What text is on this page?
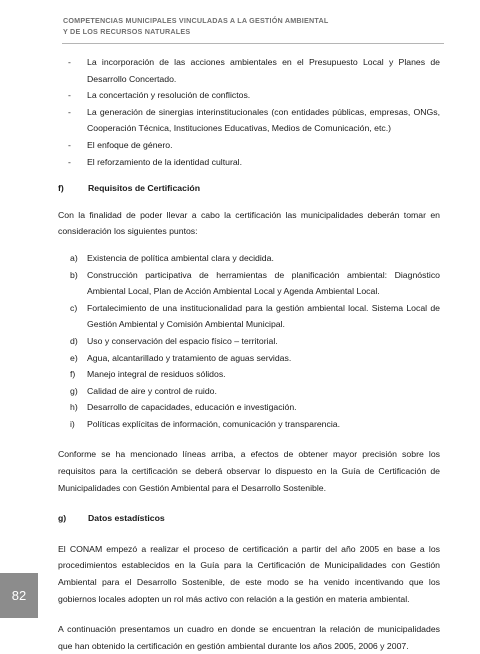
COMPETENCIAS MUNICIPALES VINCULADAS A LA GESTIÓN AMBIENTAL
Y DE LOS RECURSOS NATURALES
- La incorporación de las acciones ambientales en el Presupuesto Local y Planes de Desarrollo Concertado.
- La concertación y resolución de conflictos.
- La generación de sinergias interinstitucionales (con entidades públicas, empresas, ONGs, Cooperación Técnica, Instituciones Educativas, Medios de Comunicación, etc.)
- El enfoque de género.
- El reforzamiento de la identidad cultural.
f)	Requisitos de Certificación

Con la finalidad de poder llevar a cabo la certificación las municipalidades deberán tomar en consideración los siguientes puntos:

a) Existencia de política ambiental clara y decidida.
b) Construcción participativa de herramientas de planificación ambiental: Diagnóstico Ambiental Local, Plan de Acción Ambiental Local y Agenda Ambiental Local.
c) Fortalecimiento de una institucionalidad para la gestión ambiental local. Sistema Local de Gestión Ambiental y Comisión Ambiental Municipal.
d) Uso y conservación del espacio físico – territorial.
e) Agua, alcantarillado y tratamiento de aguas servidas.
f) Manejo integral de residuos sólidos.
g) Calidad de aire y control de ruido.
h) Desarrollo de capacidades, educación e investigación.
i) Políticas explícitas de información, comunicación y transparencia.

Conforme se ha mencionado líneas arriba, a efectos de obtener mayor precisión sobre los requisitos para la certificación se deberá observar lo dispuesto en la Guía de Certificación de Municipalidades con Gestión Ambiental para el Desarrollo Sostenible.

g)	Datos estadísticos

El CONAM empezó a realizar el proceso de certificación a partir del año 2005 en base a los procedimientos establecidos en la Guía para la Certificación de Municipalidades con Gestión Ambiental para el Desarrollo Sostenible, de este modo se ha venido incentivando que los gobiernos locales adopten un rol más activo con relación a la gestión en materia ambiental.

A continuación presentamos un cuadro en donde se encuentran la relación de municipalidades que han obtenido la certificación en gestión ambiental durante los años 2005, 2006 y 2007.

82
